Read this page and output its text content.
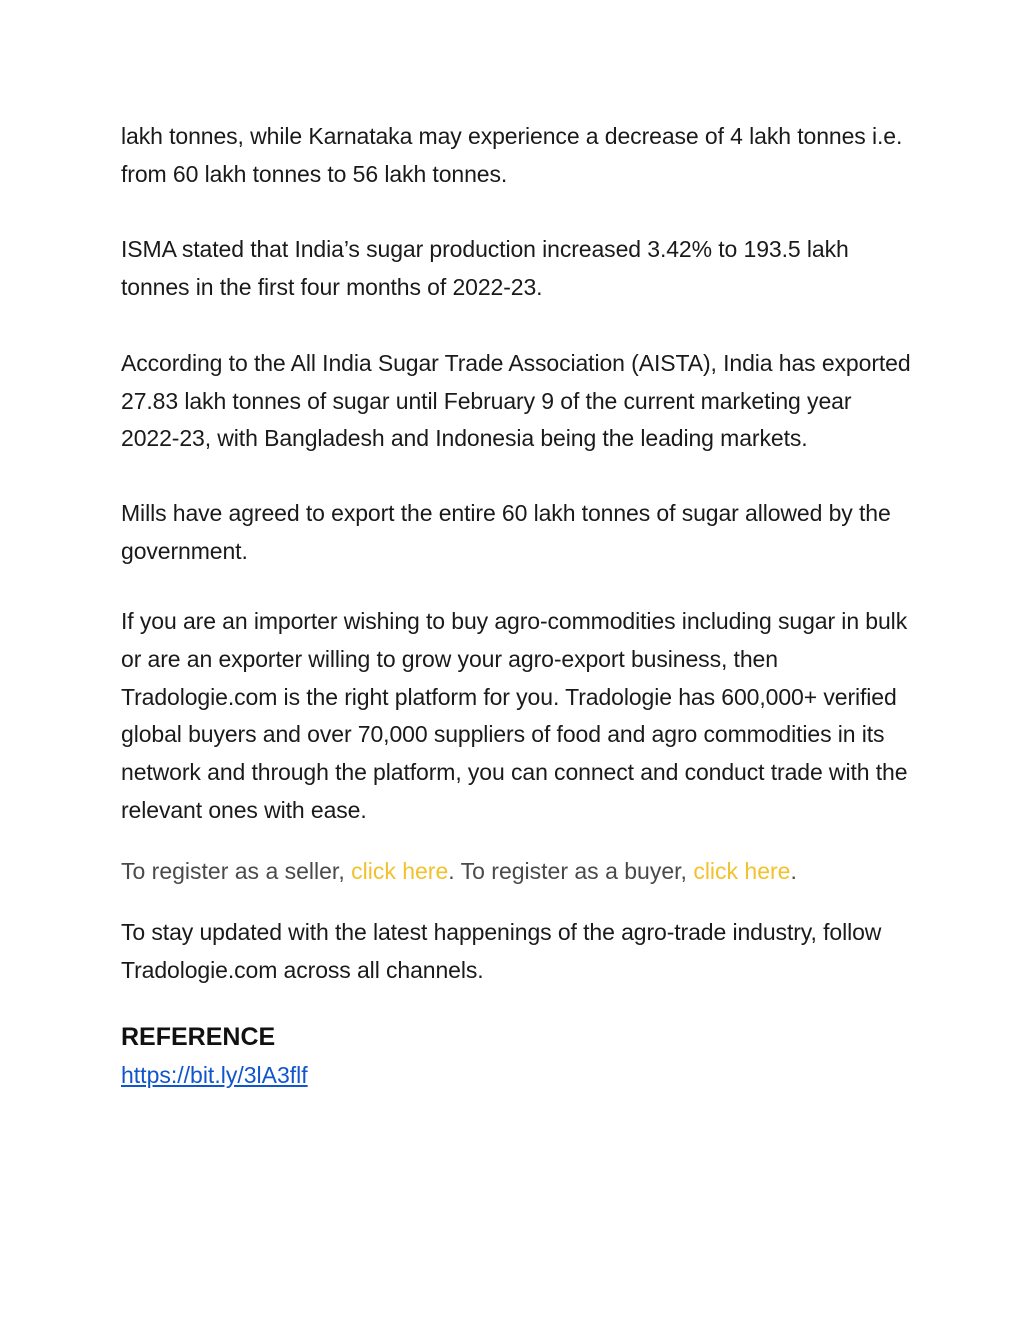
lakh tonnes, while Karnataka may experience a decrease of 4 lakh tonnes i.e. from 60 lakh tonnes to 56 lakh tonnes.

ISMA stated that India’s sugar production increased 3.42% to 193.5 lakh tonnes in the first four months of 2022-23.

According to the All India Sugar Trade Association (AISTA), India has exported 27.83 lakh tonnes of sugar until February 9 of the current marketing year 2022-23, with Bangladesh and Indonesia being the leading markets.

Mills have agreed to export the entire 60 lakh tonnes of sugar allowed by the government.

If you are an importer wishing to buy agro-commodities including sugar in bulk or are an exporter willing to grow your agro-export business, then Tradologie.com is the right platform for you. Tradologie has 600,000+ verified global buyers and over 70,000 suppliers of food and agro commodities in its network and through the platform, you can connect and conduct trade with the relevant ones with ease.

To register as a seller, click here. To register as a buyer, click here.

To stay updated with the latest happenings of the agro-trade industry, follow Tradologie.com across all channels.

REFERENCE
https://bit.ly/3lA3flf
